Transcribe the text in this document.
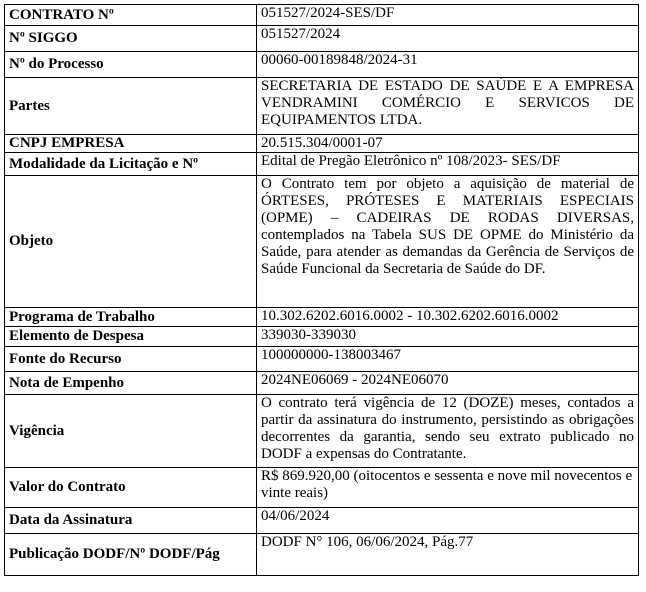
CONTRATO Nº	051527/2024-SES/DF
Nº SIGGO	051527/2024
Nº do Processo	00060-00189848/2024-31
Partes	SECRETARIA DE ESTADO DE SAÚDE E A EMPRESA VENDRAMINI COMÉRCIO E SERVICOS DE EQUIPAMENTOS LTDA.
CNPJ EMPRESA	20.515.304/0001-07
Modalidade da Licitação e Nº	Edital de Pregão Eletrônico nº 108/2023- SES/DF
Objeto	O Contrato tem por objeto a aquisição de material de ÓRTESES, PRÓTESES E MATERIAIS ESPECIAIS (OPME) – CADEIRAS DE RODAS DIVERSAS, contemplados na Tabela SUS DE OPME do Ministério da Saúde, para atender as demandas da Gerência de Serviços de Saúde Funcional da Secretaria de Saúde do DF.
Programa de Trabalho	10.302.6202.6016.0002 - 10.302.6202.6016.0002
Elemento de Despesa	339030-339030
Fonte do Recurso	100000000-138003467
Nota de Empenho	2024NE06069 - 2024NE06070
Vigência	O contrato terá vigência de 12 (DOZE) meses, contados a partir da assinatura do instrumento, persistindo as obrigações decorrentes da garantia, sendo seu extrato publicado no DODF a expensas do Contratante.
Valor do Contrato	R$ 869.920,00 (oitocentos e sessenta e nove mil novecentos e vinte reais)
Data da Assinatura	04/06/2024
Publicação DODF/Nº DODF/Pág	DODF N° 106, 06/06/2024, Pág.77
